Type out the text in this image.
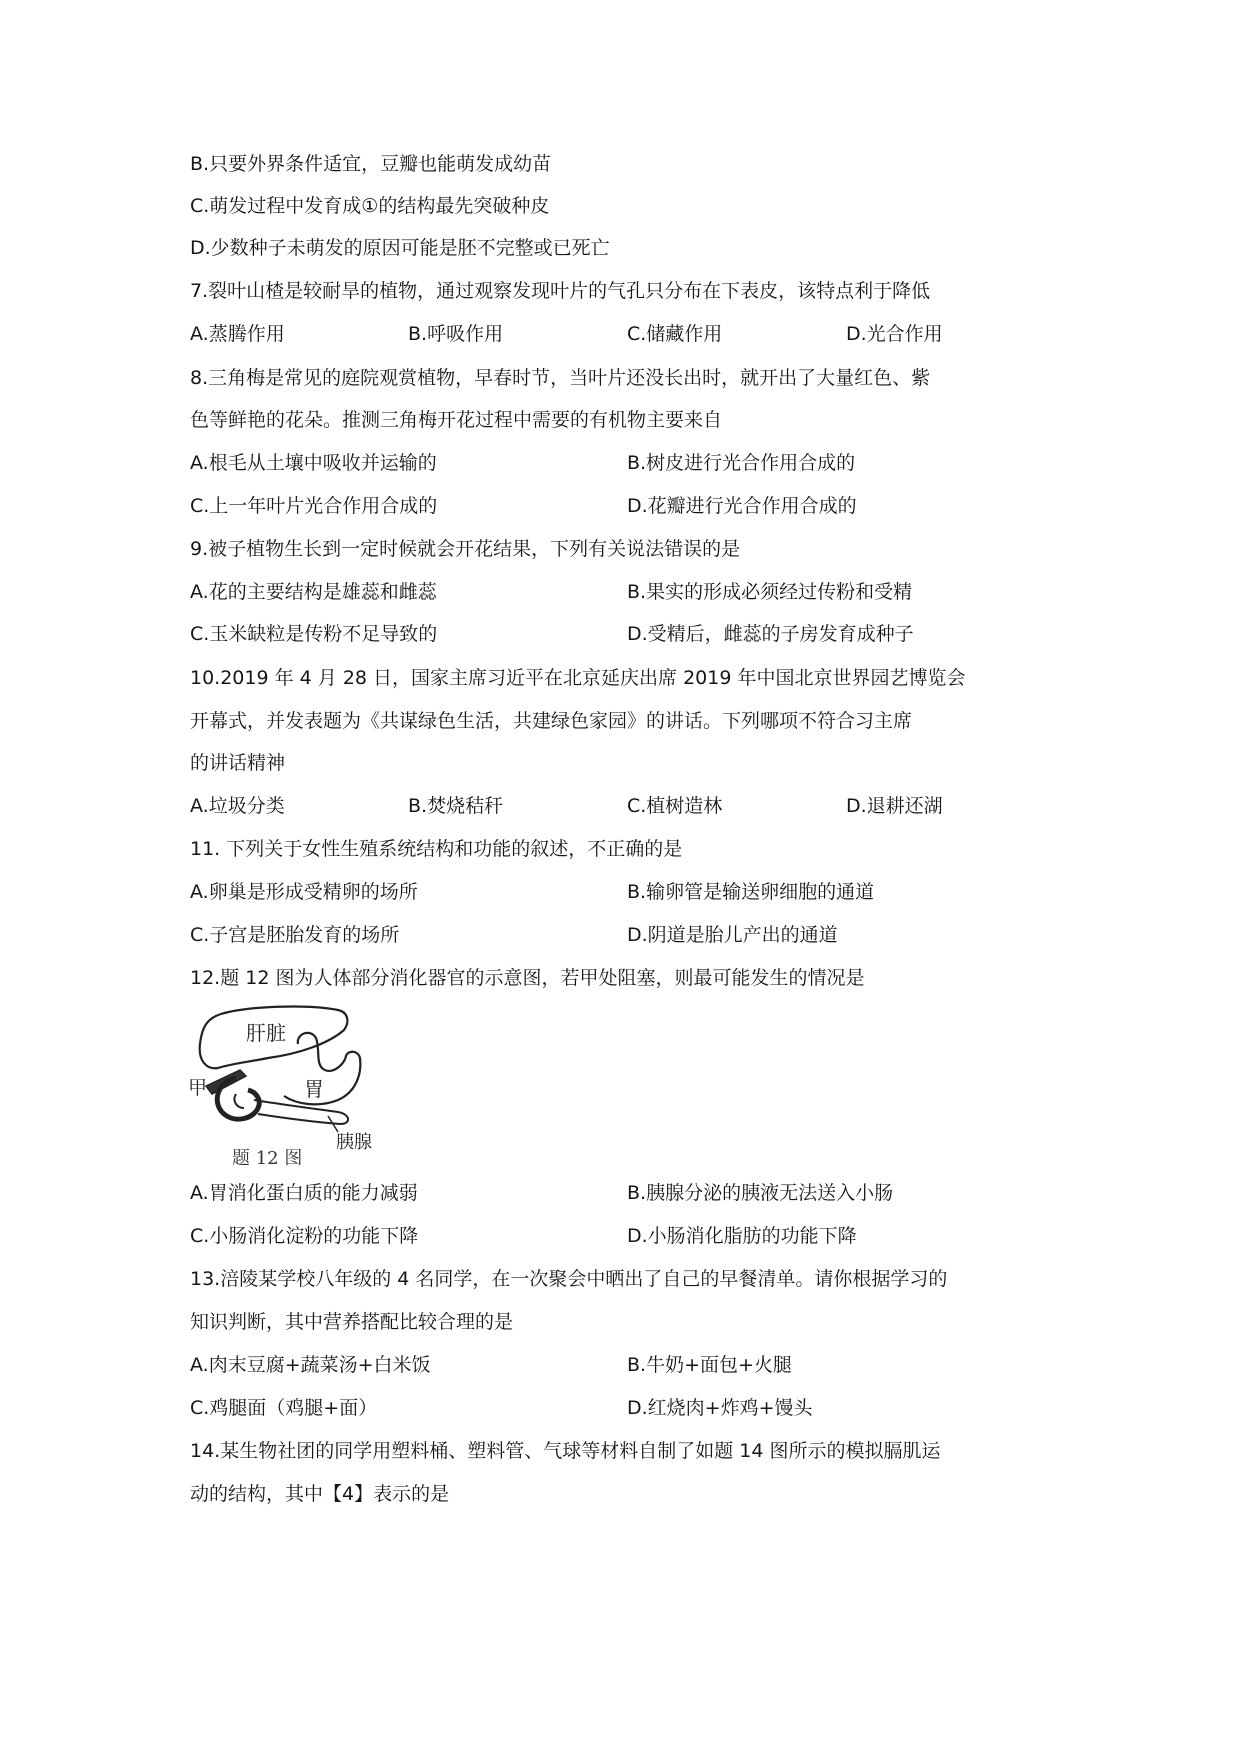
B.只要外界条件适宜，豆瓣也能萌发成幼苗
C.萌发过程中发育成①的结构最先突破种皮
D.少数种子未萌发的原因可能是胚不完整或已死亡
7.裂叶山楂是较耐旱的植物，通过观察发现叶片的气孔只分布在下表皮，该特点利于降低
A.蒸腾作用	B.呼吸作用	C.储藏作用	D.光合作用
8.三角梅是常见的庭院观赏植物，早春时节，当叶片还没长出时，就开出了大量红色、紫
色等鲜艳的花朵。推测三角梅开花过程中需要的有机物主要来自
A.根毛从土壤中吸收并运输的	B.树皮进行光合作用合成的
C.上一年叶片光合作用合成的	D.花瓣进行光合作用合成的
9.被子植物生长到一定时候就会开花结果，下列有关说法错误的是
A.花的主要结构是雄蕊和雌蕊	B.果实的形成必须经过传粉和受精
C.玉米缺粒是传粉不足导致的	D.受精后，雌蕊的子房发育成种子
10.2019 年 4 月 28 日，国家主席习近平在北京延庆出席 2019 年中国北京世界园艺博览会
开幕式，并发表题为《共谋绿色生活，共建绿色家园》的讲话。下列哪项不符合习主席
的讲话精神
A.垃圾分类	B.焚烧秸秆	C.植树造林	D.退耕还湖
11. 下列关于女性生殖系统结构和功能的叙述，不正确的是
A.卵巢是形成受精卵的场所	B.输卵管是输送卵细胞的通道
C.子宫是胚胎发育的场所	D.阴道是胎儿产出的通道
12.题 12 图为人体部分消化器官的示意图，若甲处阻塞，则最可能发生的情况是
肝脏
胃
甲
胰腺
题 12 图
A.胃消化蛋白质的能力减弱	B.胰腺分泌的胰液无法送入小肠
C.小肠消化淀粉的功能下降	D.小肠消化脂肪的功能下降
13.涪陵某学校八年级的 4 名同学，在一次聚会中晒出了自己的早餐清单。请你根据学习的
知识判断，其中营养搭配比较合理的是
A.肉末豆腐+蔬菜汤+白米饭	B.牛奶+面包+火腿
C.鸡腿面（鸡腿+面）	D.红烧肉+炸鸡+馒头
14.某生物社团的同学用塑料桶、塑料管、气球等材料自制了如题 14 图所示的模拟膈肌运
动的结构，其中【4】表示的是
